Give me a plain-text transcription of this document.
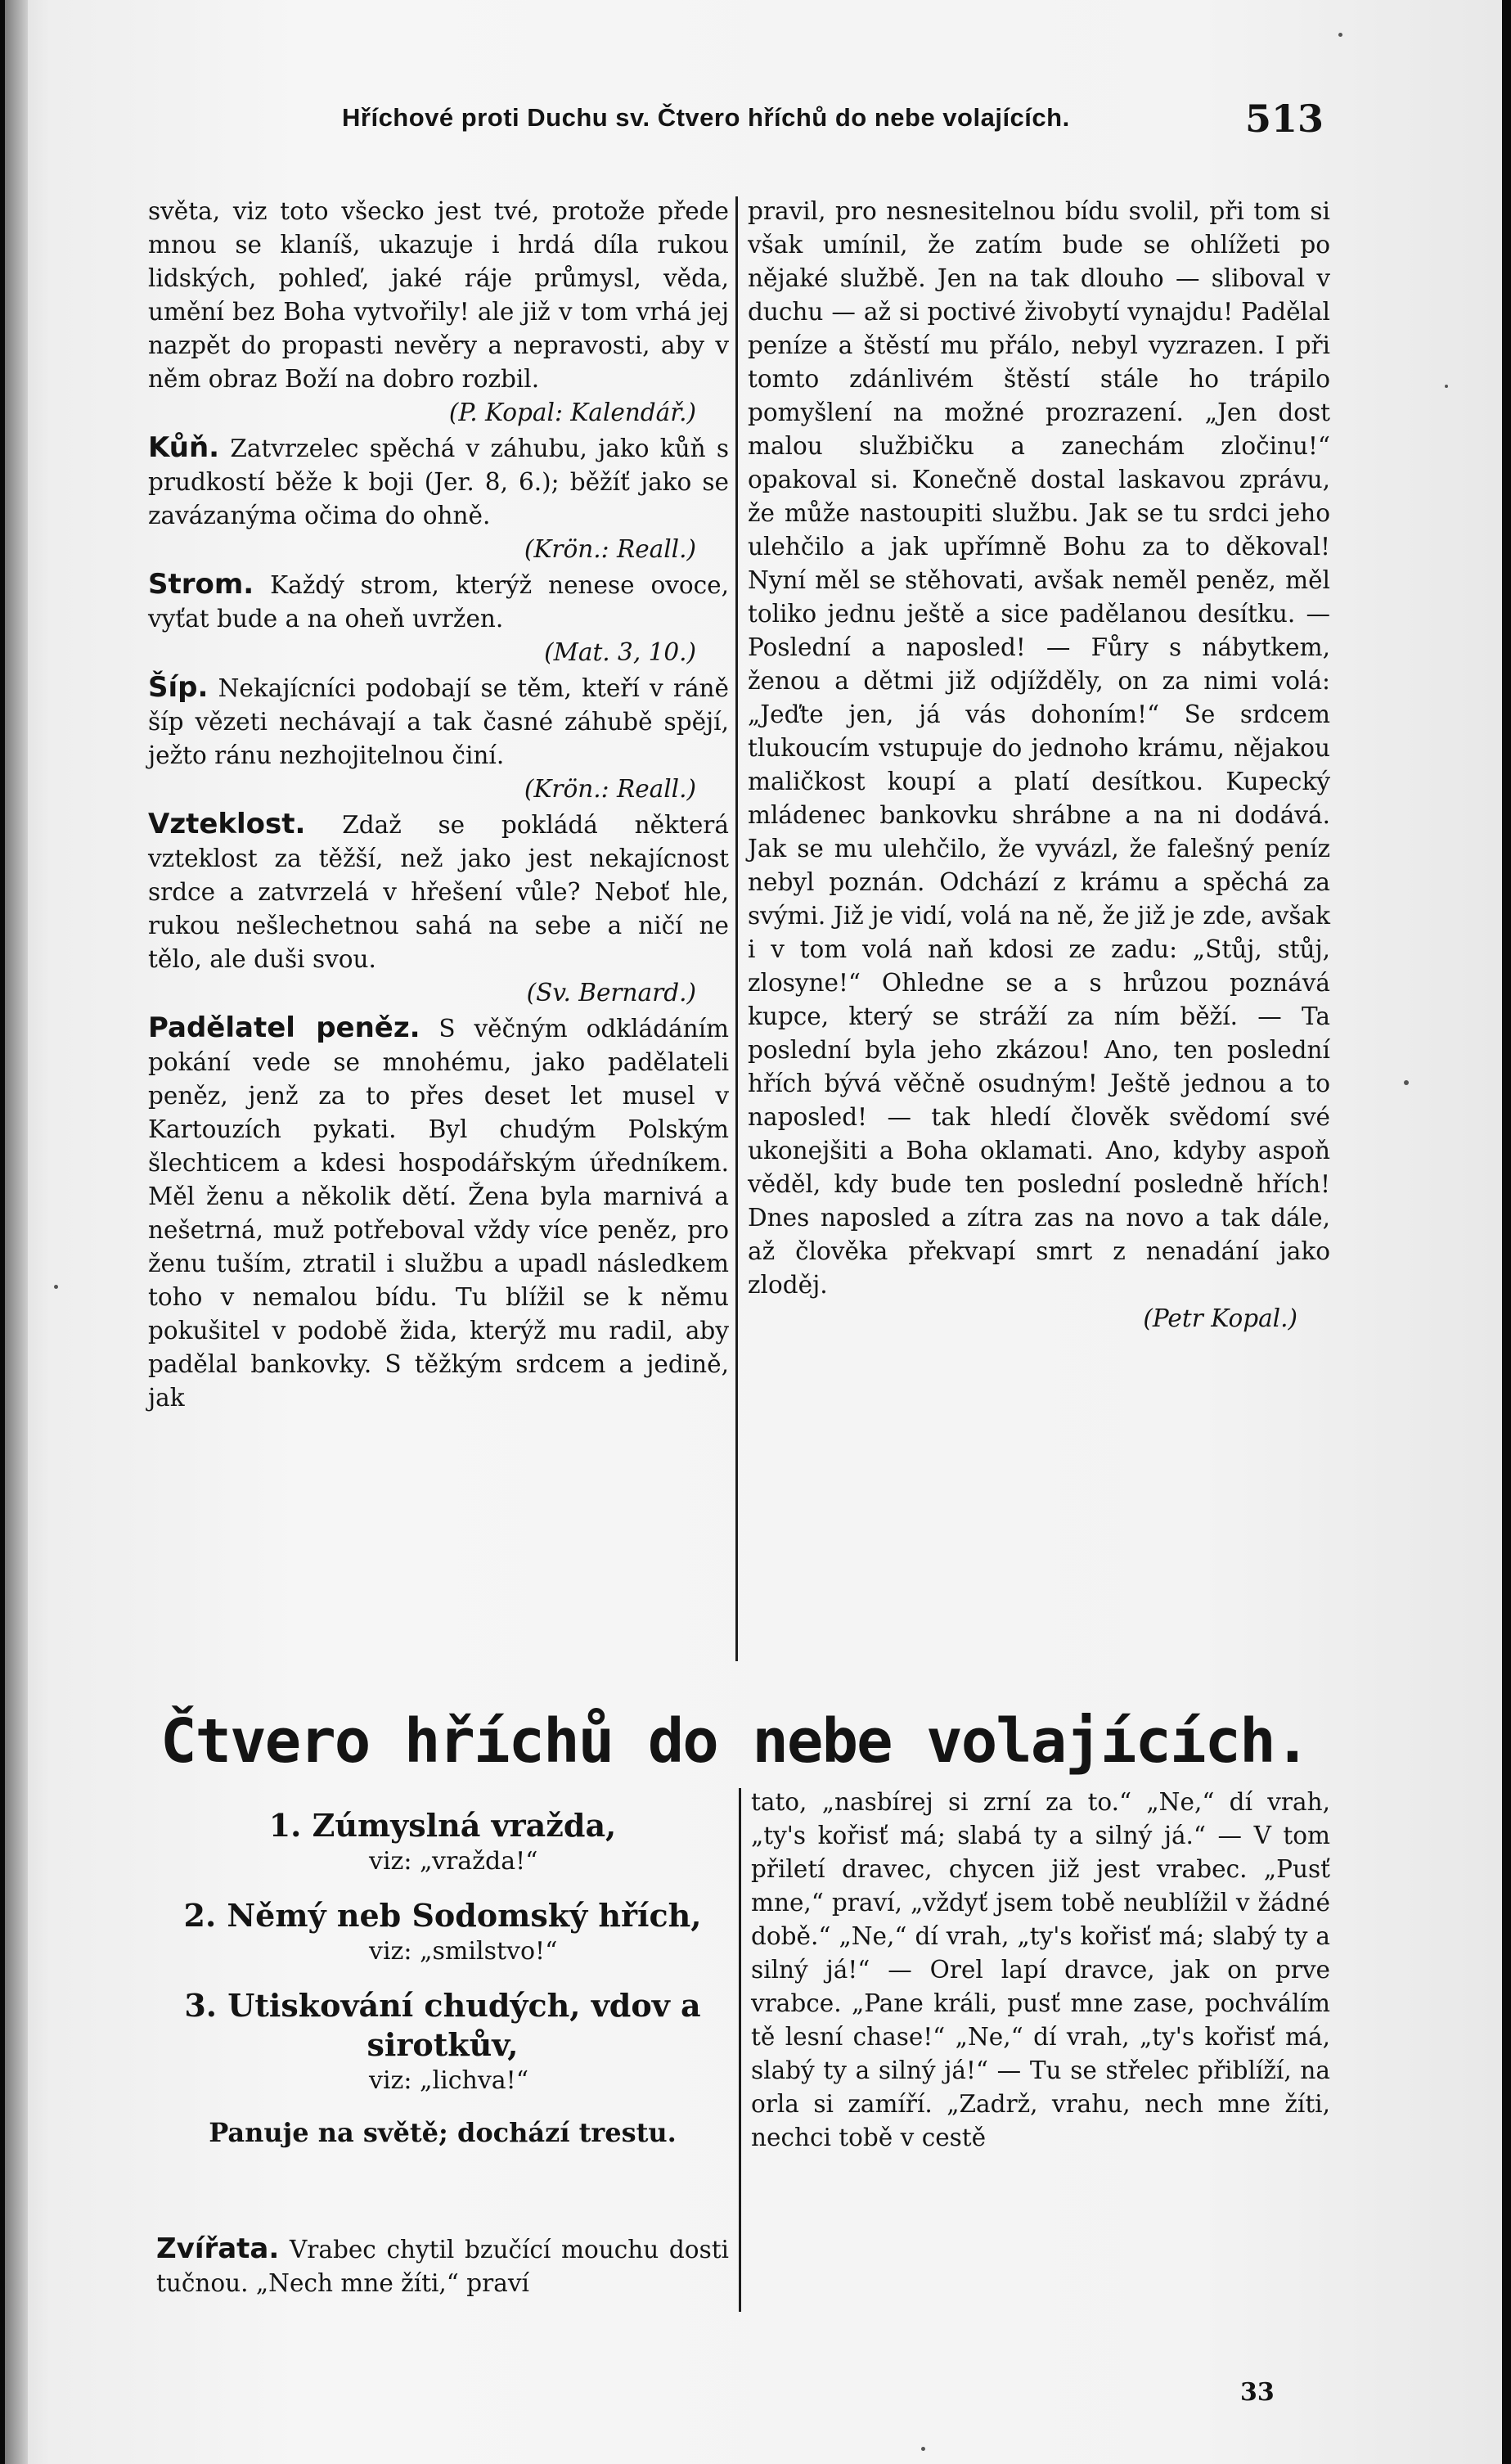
Hříchové proti Duchu sv. Čtvero hříchů do nebe volajících.	513

světa, viz toto všecko jest tvé, protože přede mnou se klaníš, ukazuje i hrdá díla rukou lidských, pohleď, jaké ráje průmysl, věda, umění bez Boha vytvořily! ale již v tom vrhá jej nazpět do propasti nevěry a nepravosti, aby v něm obraz Boží na dobro rozbil.
(P. Kopal: Kalendář.)

Kůň. Zatvrzelec spěchá v záhubu, jako kůň s prudkostí běže k boji (Jer. 8, 6.); běžíť jako se zavázanýma očima do ohně.
(Krön.: Reall.)

Strom. Každý strom, kterýž nenese ovoce, vyťat bude a na oheň uvržen.
(Mat. 3, 10.)

Šíp. Nekajícníci podobají se těm, kteří v ráně šíp vězeti nechávají a tak časné záhubě spějí, ježto ránu nezhojitelnou činí.
(Krön.: Reall.)

Vzteklost. Zdaž se pokládá některá vzteklost za těžší, než jako jest nekajícnost srdce a zatvrzelá v hřešení vůle? Neboť hle, rukou nešlechetnou sahá na sebe a ničí ne tělo, ale duši svou.
(Sv. Bernard.)

Padělatel peněz. S věčným odkládáním pokání vede se mnohému, jako padělateli peněz, jenž za to přes deset let musel v Kartouzích pykati. Byl chudým Polským šlechticem a kdesi hospodářským úředníkem. Měl ženu a několik dětí. Žena byla marnivá a nešetrná, muž potřeboval vždy více peněz, pro ženu tuším, ztratil i službu a upadl následkem toho v nemalou bídu. Tu blížil se k němu pokušitel v podobě žida, kterýž mu radil, aby padělal bankovky. S těžkým srdcem a jedině, jak

pravil, pro nesnesitelnou bídu svolil, při tom si však umínil, že zatím bude se ohlížeti po nějaké službě. Jen na tak dlouho — sliboval v duchu — až si poctivé živobytí vynajdu! Padělal peníze a štěstí mu přálo, nebyl vyzrazen. I při tomto zdánlivém štěstí stále ho trápilo pomyšlení na možné prozrazení. „Jen dost malou službičku a zanechám zločinu!“ opakoval si. Konečně dostal laskavou zprávu, že může nastoupiti službu. Jak se tu srdci jeho ulehčilo a jak upřímně Bohu za to děkoval! Nyní měl se stěhovati, avšak neměl peněz, měl toliko jednu ještě a sice padělanou desítku. — Poslední a naposled! — Fůry s nábytkem, ženou a dětmi již odjížděly, on za nimi volá: „Jeďte jen, já vás dohoním!“ Se srdcem tlukoucím vstupuje do jednoho krámu, nějakou maličkost koupí a platí desítkou. Kupecký mládenec bankovku shrábne a na ni dodává. Jak se mu ulehčilo, že vyvázl, že falešný peníz nebyl poznán. Odchází z krámu a spěchá za svými. Již je vidí, volá na ně, že již je zde, avšak i v tom volá naň kdosi ze zadu: „Stůj, stůj, zlosyne!“ Ohledne se a s hrůzou poznává kupce, který se stráží za ním běží. — Ta poslední byla jeho zkázou! Ano, ten poslední hřích bývá věčně osudným! Ještě jednou a to naposled! — tak hledí člověk svědomí své ukonejšiti a Boha oklamati. Ano, kdyby aspoň věděl, kdy bude ten poslední posledně hřích! Dnes naposled a zítra zas na novo a tak dále, až člověka překvapí smrt z nenadání jako zloděj.
(Petr Kopal.)

Čtvero hříchů do nebe volajících.
1. Zúmyslná vražda,
viz: „vražda!“
2. Němý neb Sodomský hřích,
viz: „smilstvo!“
3. Utiskování chudých, vdov a sirotkův,
viz: „lichva!“
Panuje na světě; dochází trestu.
Zvířata. Vrabec chytil bzučící mouchu dosti tučnou. „Nech mne žíti,“ praví
tato, „nasbírej si zrní za to.“ „Ne,“ dí vrah, „ty's kořisť má; slabá ty a silný já.“ — V tom přiletí dravec, chycen již jest vrabec. „Pusť mne,“ praví, „vždyť jsem tobě neublížil v žádné době.“ „Ne,“ dí vrah, „ty's kořisť má; slabý ty a silný já!“ — Orel lapí dravce, jak on prve vrabce. „Pane králi, pusť mne zase, pochválím tě lesní chase!“ „Ne,“ dí vrah, „ty's kořisť má, slabý ty a silný já!“ — Tu se střelec přiblíží, na orla si zamíří. „Zadrž, vrahu, nech mne žíti, nechci tobě v cestě
33
